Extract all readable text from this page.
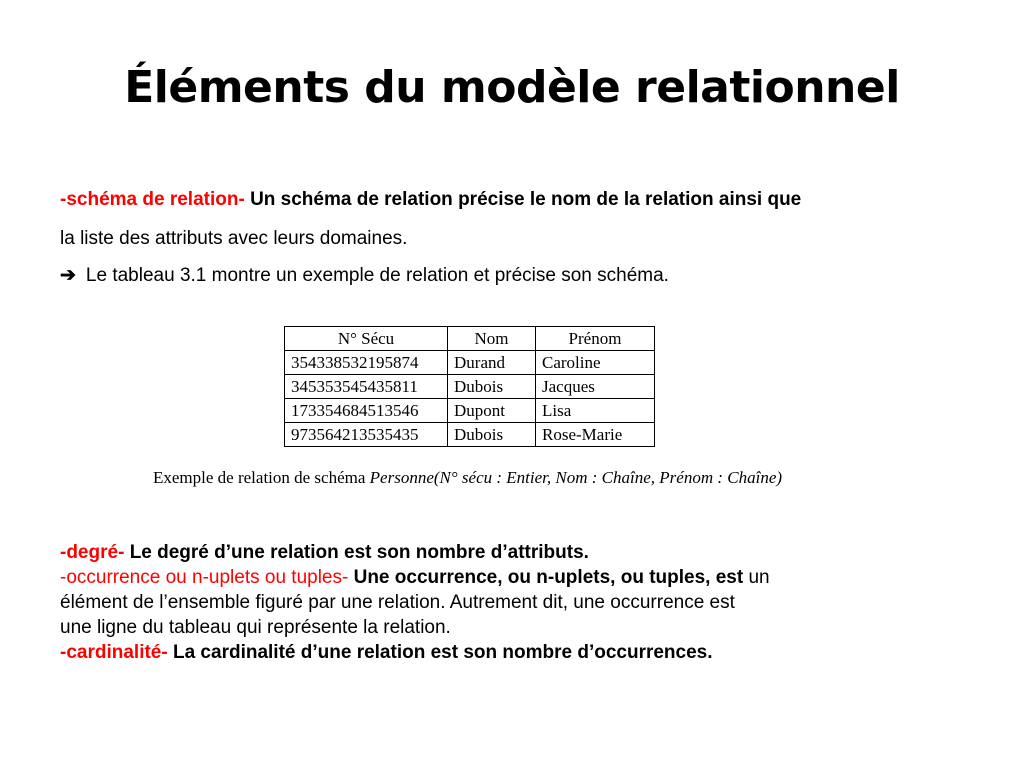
Éléments du modèle relationnel
-schéma de relation- Un schéma de relation précise le nom de la relation ainsi que
la liste des attributs avec leurs domaines.
➔ Le tableau 3.1 montre un exemple de relation et précise son schéma.
N° Sécu	Nom	Prénom
354338532195874	Durand	Caroline
345353545435811	Dubois	Jacques
173354684513546	Dupont	Lisa
973564213535435	Dubois	Rose-Marie
Exemple de relation de schéma Personne(N° sécu : Entier, Nom : Chaîne, Prénom : Chaîne)
-degré- Le degré d’une relation est son nombre d’attributs.
-occurrence ou n-uplets ou tuples- Une occurrence, ou n-uplets, ou tuples, est un
élément de l’ensemble figuré par une relation. Autrement dit, une occurrence est
une ligne du tableau qui représente la relation.
-cardinalité- La cardinalité d’une relation est son nombre d’occurrences.
